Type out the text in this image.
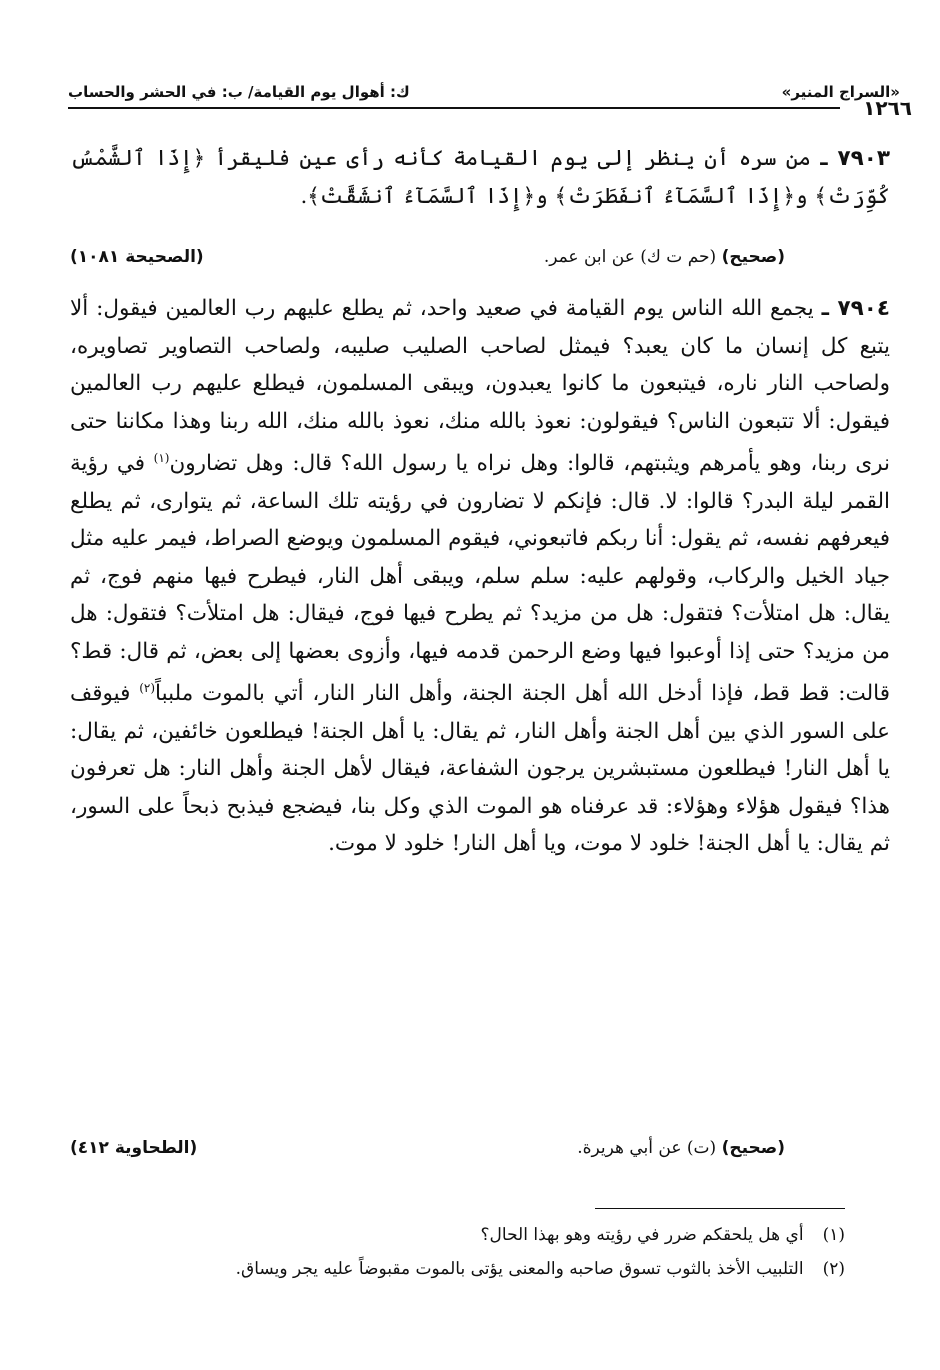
«السراج المنير»
ك: أهوال يوم القيامة/ ب: في الحشر والحساب
١٢٦٦
٧٩٠٣ ـ من سره أن ينظر إلى يوم القيامة كأنه رأى عين فليقرأ ﴿إِذَا ٱلشَّمْسُ كُوِّرَتْ﴾ و﴿إِذَا ٱلسَّمَآءُ ٱنفَطَرَتْ﴾ و﴿إِذَا ٱلسَّمَآءُ ٱنشَقَّتْ﴾.
(صحيح) (حم ت ك) عن ابن عمر.
(الصحيحة ١٠٨١)
٧٩٠٤ ـ يجمع الله الناس يوم القيامة في صعيد واحد، ثم يطلع عليهم رب العالمين فيقول: ألا يتبع كل إنسان ما كان يعبد؟ فيمثل لصاحب الصليب صليبه، ولصاحب التصاوير تصاويره، ولصاحب النار ناره، فيتبعون ما كانوا يعبدون، ويبقى المسلمون، فيطلع عليهم رب العالمين فيقول: ألا تتبعون الناس؟ فيقولون: نعوذ بالله منك، نعوذ بالله منك، الله ربنا وهذا مكاننا حتى نرى ربنا، وهو يأمرهم ويثبتهم، قالوا: وهل نراه يا رسول الله؟ قال: وهل تضارون$^{(١)}$ في رؤية القمر ليلة البدر؟ قالوا: لا. قال: فإنكم لا تضارون في رؤيته تلك الساعة، ثم يتوارى، ثم يطلع فيعرفهم نفسه، ثم يقول: أنا ربكم فاتبعوني، فيقوم المسلمون ويوضع الصراط، فيمر عليه مثل جياد الخيل والركاب، وقولهم عليه: سلم سلم، ويبقى أهل النار، فيطرح فيها منهم فوج، ثم يقال: هل امتلأت؟ فتقول: هل من مزيد؟ ثم يطرح فيها فوج، فيقال: هل امتلأت؟ فتقول: هل من مزيد؟ حتى إذا أوعبوا فيها وضع الرحمن قدمه فيها، وأزوى بعضها إلى بعض، ثم قال: قط؟ قالت: قط قط، فإذا أدخل الله أهل الجنة الجنة، وأهل النار النار، أتي بالموت ملبباً$^{(٢)}$ فيوقف على السور الذي بين أهل الجنة وأهل النار، ثم يقال: يا أهل الجنة! فيطلعون خائفين، ثم يقال: يا أهل النار! فيطلعون مستبشرين يرجون الشفاعة، فيقال لأهل الجنة وأهل النار: هل تعرفون هذا؟ فيقول هؤلاء وهؤلاء: قد عرفناه هو الموت الذي وكل بنا، فيضجع فيذبح ذبحاً على السور، ثم يقال: يا أهل الجنة! خلود لا موت، ويا أهل النار! خلود لا موت.
(صحيح) (ت) عن أبي هريرة.
(الطحاوية ٤١٢)
(١) أي هل يلحقكم ضرر في رؤيته وهو بهذا الحال؟
(٢) التلبيب الأخذ بالثوب تسوق صاحبه والمعنى يؤتى بالموت مقبوضاً عليه يجر ويساق.
